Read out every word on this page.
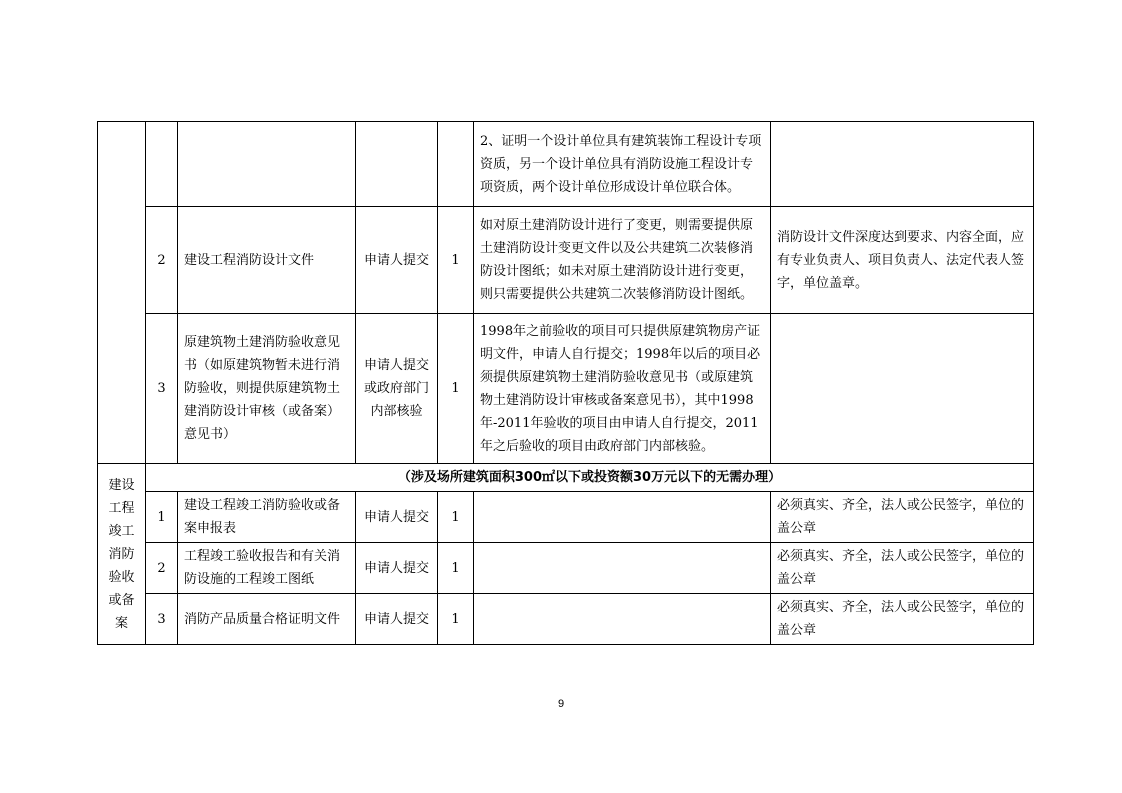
					2、证明一个设计单位具有建筑装饰工程设计专项资质，另一个设计单位具有消防设施工程设计专项资质，两个设计单位形成设计单位联合体。	
	2	建设工程消防设计文件	申请人提交	1	如对原土建消防设计进行了变更，则需要提供原土建消防设计变更文件以及公共建筑二次装修消防设计图纸；如未对原土建消防设计进行变更，则只需要提供公共建筑二次装修消防设计图纸。	消防设计文件深度达到要求、内容全面，应有专业负责人、项目负责人、法定代表人签字，单位盖章。
	3	原建筑物土建消防验收意见书（如原建筑物暂未进行消防验收，则提供原建筑物土建消防设计审核（或备案）意见书）	申请人提交或政府部门内部核验	1	1998年之前验收的项目可只提供原建筑物房产证明文件，申请人自行提交；1998年以后的项目必须提供原建筑物土建消防验收意见书（或原建筑物土建消防设计审核或备案意见书），其中1998年-2011年验收的项目由申请人自行提交，2011年之后验收的项目由政府部门内部核验。	
建设工程竣工消防验收或备案	（涉及场所建筑面积300㎡以下或投资额30万元以下的无需办理）					
	1	建设工程竣工消防验收或备案申报表	申请人提交	1		必须真实、齐全，法人或公民签字，单位的盖公章
	2	工程竣工验收报告和有关消防设施的工程竣工图纸	申请人提交	1		必须真实、齐全，法人或公民签字，单位的盖公章
	3	消防产品质量合格证明文件	申请人提交	1		必须真实、齐全，法人或公民签字，单位的盖公章
9
